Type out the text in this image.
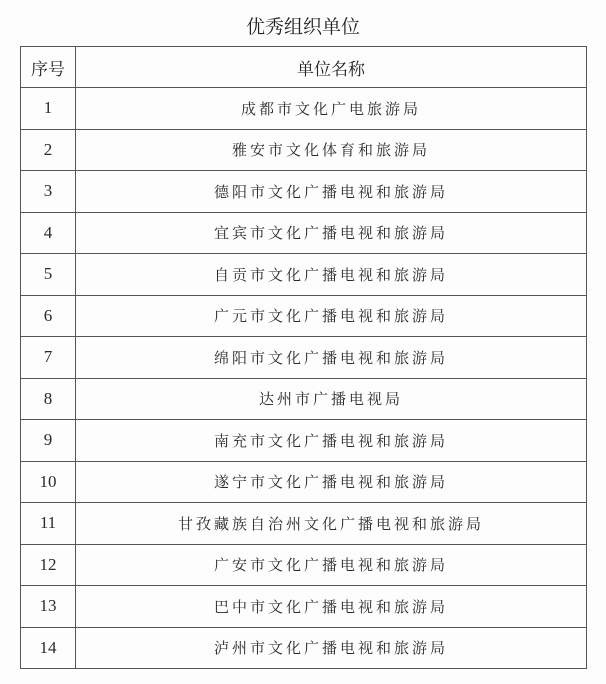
优秀组织单位
序号	单位名称
1	成都市文化广电旅游局
2	雅安市文化体育和旅游局
3	德阳市文化广播电视和旅游局
4	宜宾市文化广播电视和旅游局
5	自贡市文化广播电视和旅游局
6	广元市文化广播电视和旅游局
7	绵阳市文化广播电视和旅游局
8	达州市广播电视局
9	南充市文化广播电视和旅游局
10	遂宁市文化广播电视和旅游局
11	甘孜藏族自治州文化广播电视和旅游局
12	广安市文化广播电视和旅游局
13	巴中市文化广播电视和旅游局
14	泸州市文化广播电视和旅游局
